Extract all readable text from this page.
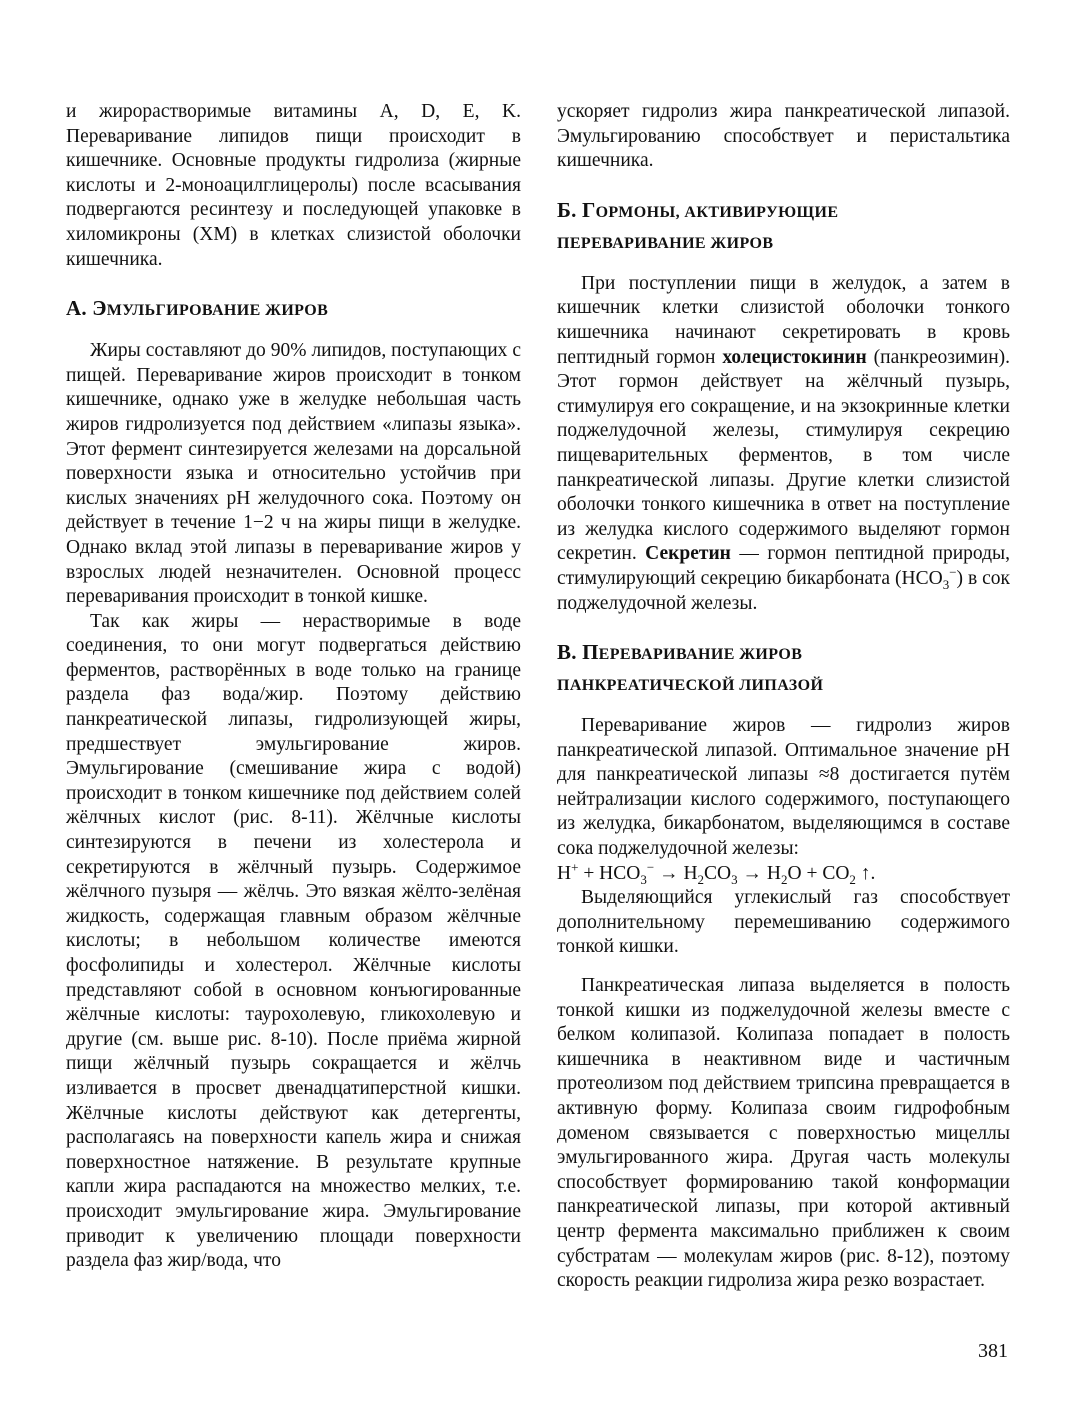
и жирорастворимые витамины A, D, E, K. Переваривание липидов пищи происходит в кишечнике. Основные продукты гидролиза (жирные кислоты и 2-моноацилглицеролы) после всасывания подвергаются ресинтезу и последующей упаковке в хиломикроны (ХМ) в клетках слизистой оболочки кишечника.

А. ЭМУЛЬГИРОВАНИЕ ЖИРОВ

Жиры составляют до 90% липидов, поступающих с пищей. Переваривание жиров происходит в тонком кишечнике, однако уже в желудке небольшая часть жиров гидролизуется под действием «липазы языка». Этот фермент синтезируется железами на дорсальной поверхности языка и относительно устойчив при кислых значениях pH желудочного сока. Поэтому он действует в течение 1−2 ч на жиры пищи в желудке. Однако вклад этой липазы в переваривание жиров у взрослых людей незначителен. Основной процесс переваривания происходит в тонкой кишке.

Так как жиры — нерастворимые в воде соединения, то они могут подвергаться действию ферментов, растворённых в воде только на границе раздела фаз вода/жир. Поэтому действию панкреатической липазы, гидролизующей жиры, предшествует эмульгирование жиров. Эмульгирование (смешивание жира с водой) происходит в тонком кишечнике под действием солей жёлчных кислот (рис. 8-11). Жёлчные кислоты синтезируются в печени из холестерола и секретируются в жёлчный пузырь. Содержимое жёлчного пузыря — жёлчь. Это вязкая жёлто-зелёная жидкость, содержащая главным образом жёлчные кислоты; в небольшом количестве имеются фосфолипиды и холестерол. Жёлчные кислоты представляют собой в основном конъюгированные жёлчные кислоты: таурохолевую, гликохолевую и другие (см. выше рис. 8-10). После приёма жирной пищи жёлчный пузырь сокращается и жёлчь изливается в просвет двенадцатиперстной кишки. Жёлчные кислоты действуют как детергенты, располагаясь на поверхности капель жира и снижая поверхностное натяжение. В результате крупные капли жира распадаются на множество мелких, т.е. происходит эмульгирование жира. Эмульгирование приводит к увеличению площади поверхности раздела фаз жир/вода, что

ускоряет гидролиз жира панкреатической липазой. Эмульгированию способствует и перистальтика кишечника.

Б. ГОРМОНЫ, АКТИВИРУЮЩИЕ
ПЕРЕВАРИВАНИЕ ЖИРОВ

При поступлении пищи в желудок, а затем в кишечник клетки слизистой оболочки тонкого кишечника начинают секретировать в кровь пептидный гормон холецистокинин (панкреозимин). Этот гормон действует на жёлчный пузырь, стимулируя его сокращение, и на экзокринные клетки поджелудочной железы, стимулируя секрецию пищеварительных ферментов, в том числе панкреатической липазы. Другие клетки слизистой оболочки тонкого кишечника в ответ на поступление из желудка кислого содержимого выделяют гормон секретин. Секретин — гормон пептидной природы, стимулирующий секрецию бикарбоната $(HCO_3^-)$ в сок поджелудочной железы.

В. ПЕРЕВАРИВАНИE ЖИРОВ
ПАНКРЕАТИЧЕСКОЙ ЛИПАЗОЙ

Переваривание жиров — гидролиз жиров панкреатической липазой. Оптимальное значение pH для панкреатической липазы ≈8 достигается путём нейтрализации кислого содержимого, поступающего из желудка, бикарбонатом, выделяющимся в составе сока поджелудочной железы:

$H^+ + HCO_3^- \to H_2CO_3 \to H_2O + CO_2$ ↑.

Выделяющийся углекислый газ способствует дополнительному перемешиванию содержимого тонкой кишки.

Панкреатическая липаза выделяется в полость тонкой кишки из поджелудочной железы вместе с белком колипазой. Колипаза попадает в полость кишечника в неактивном виде и частичным протеолизом под действием трипсина превращается в активную форму. Колипаза своим гидрофобным доменом связывается с поверхностью мицеллы эмульгированного жира. Другая часть молекулы способствует формированию такой конформации панкреатической липазы, при которой активный центр фермента максимально приближен к своим субстратам — молекулам жиров (рис. 8-12), поэтому скорость реакции гидролиза жира резко возрастает.

381
